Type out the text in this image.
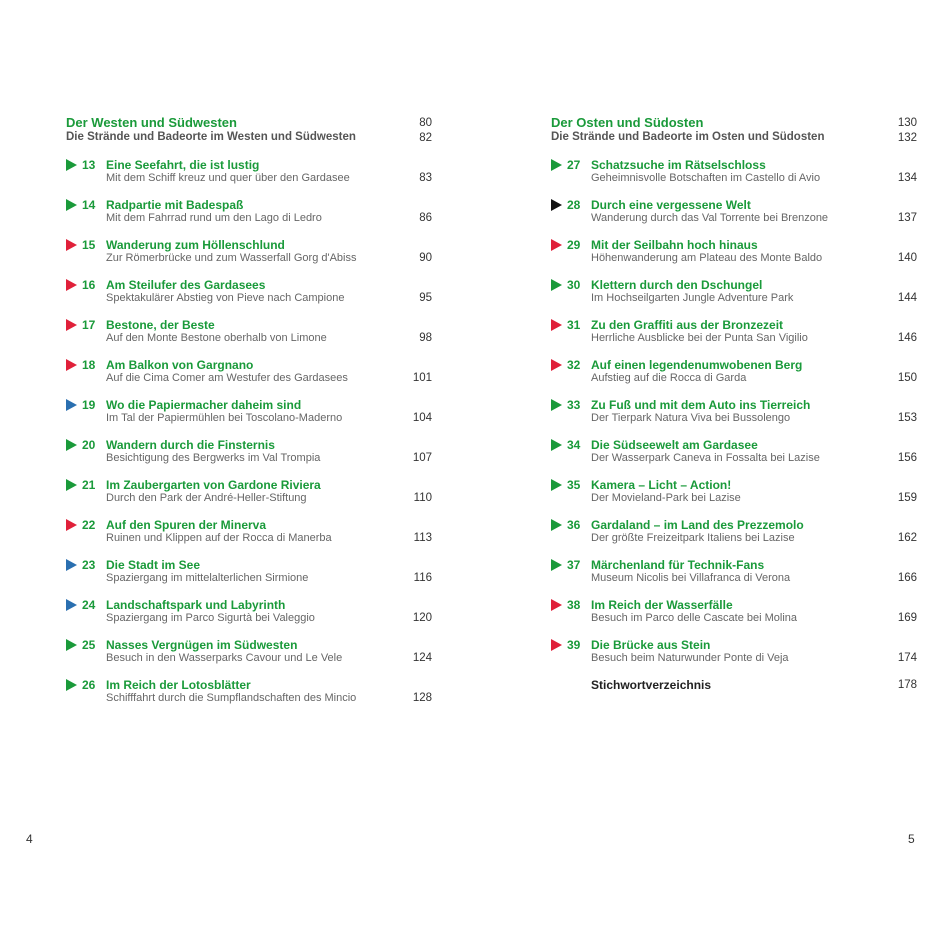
Der Westen und Südwesten	80
Die Strände und Badeorte im Westen und Südwesten	82
13 Eine Seefahrt, die ist lustig
Mit dem Schiff kreuz und quer über den Gardasee	83
14 Radpartie mit Badespaß
Mit dem Fahrrad rund um den Lago di Ledro	86
15 Wanderung zum Höllenschlund
Zur Römerbrücke und zum Wasserfall Gorg d'Abiss	90
16 Am Steilufer des Gardasees
Spektakulärer Abstieg von Pieve nach Campione	95
17 Bestone, der Beste
Auf den Monte Bestone oberhalb von Limone	98
18 Am Balkon von Gargnano
Auf die Cima Comer am Westufer des Gardasees	101
19 Wo die Papiermacher daheim sind
Im Tal der Papiermühlen bei Toscolano-Maderno	104
20 Wandern durch die Finsternis
Besichtigung des Bergwerks im Val Trompia	107
21 Im Zaubergarten von Gardone Riviera
Durch den Park der André-Heller-Stiftung	110
22 Auf den Spuren der Minerva
Ruinen und Klippen auf der Rocca di Manerba	113
23 Die Stadt im See
Spaziergang im mittelalterlichen Sirmione	116
24 Landschaftspark und Labyrinth
Spaziergang im Parco Sigurtà bei Valeggio	120
25 Nasses Vergnügen im Südwesten
Besuch in den Wasserparks Cavour und Le Vele	124
26 Im Reich der Lotosblätter
Schifffahrt durch die Sumpflandschaften des Mincio	128
Der Osten und Südosten	130
Die Strände und Badeorte im Osten und Südosten	132
27 Schatzsuche im Rätselschloss
Geheimnisvolle Botschaften im Castello di Avio	134
28 Durch eine vergessene Welt
Wanderung durch das Val Torrente bei Brenzone	137
29 Mit der Seilbahn hoch hinaus
Höhenwanderung am Plateau des Monte Baldo	140
30 Klettern durch den Dschungel
Im Hochseilgarten Jungle Adventure Park	144
31 Zu den Graffiti aus der Bronzezeit
Herrliche Ausblicke bei der Punta San Vigilio	146
32 Auf einen legendenumwobenen Berg
Aufstieg auf die Rocca di Garda	150
33 Zu Fuß und mit dem Auto ins Tierreich
Der Tierpark Natura Viva bei Bussolengo	153
34 Die Südseewelt am Gardasee
Der Wasserpark Caneva in Fossalta bei Lazise	156
35 Kamera – Licht – Action!
Der Movieland-Park bei Lazise	159
36 Gardaland – im Land des Prezzemolo
Der größte Freizeitpark Italiens bei Lazise	162
37 Märchenland für Technik-Fans
Museum Nicolis bei Villafranca di Verona	166
38 Im Reich der Wasserfälle
Besuch im Parco delle Cascate bei Molina	169
39 Die Brücke aus Stein
Besuch beim Naturwunder Ponte di Veja	174
Stichwortverzeichnis	178
4	5
